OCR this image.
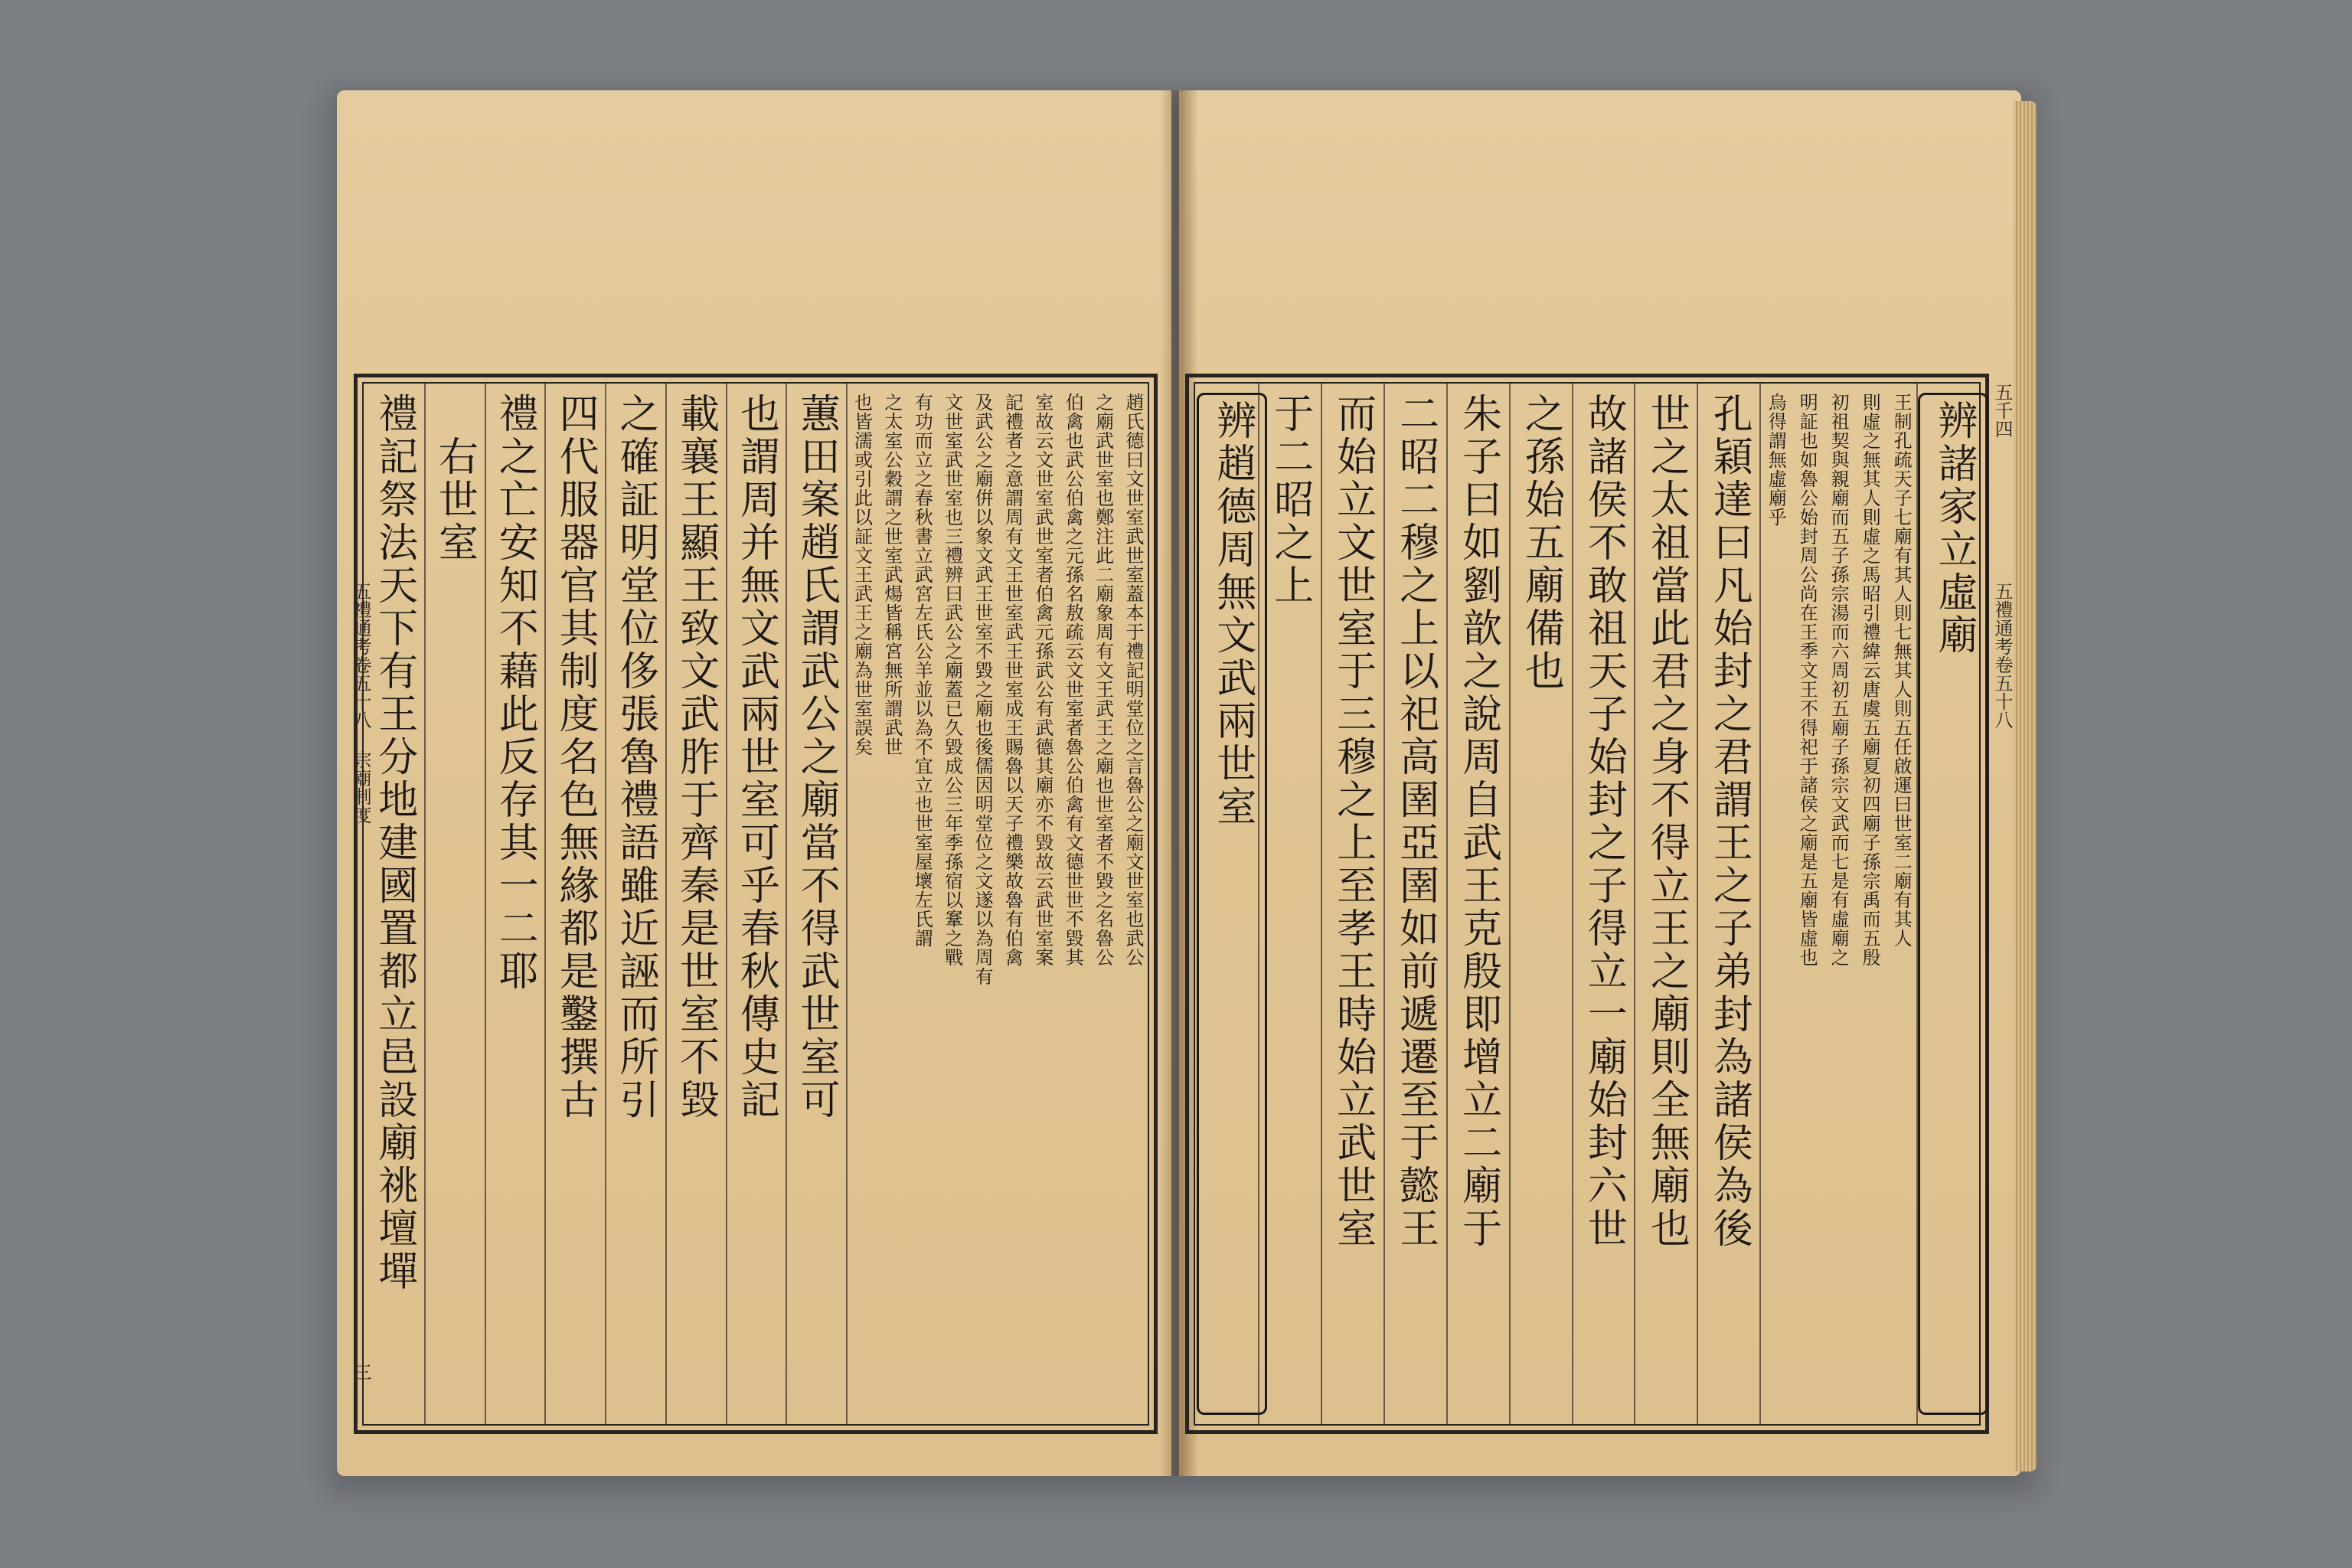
禮記祭法天下有王分地建國置都立邑設廟祧壇墠 　右世室 禮之亡安知不藉此反存其一二耶 四代服器官其制度名色無緣都是鑿撰古 之確証明堂位侈張魯禮語雖近誣而所引 載襄王顯王致文武胙于齊秦是世室不毀 也謂周并無文武兩世室可乎春秋傳史記 蕙田案趙氏謂武公之廟當不得武世室可 也皆濡或引此以証文王武王之廟為世室誤矣 之太室公穀謂之世室武煬皆稱宮無所謂武世 有功而立之春秋書立武宮左氏公羊並以為不宜立也世室屋壞左氏謂 文世室武世室也三禮辨曰武公之廟蓋已久毀成公三年季孫宿以鞌之戰 及武公之廟倂以象文武王世室不毀之廟也後儒因明堂位之文遂以為周有 記禮者之意謂周有文王世室武王世室成王賜魯以天子禮樂故魯有伯禽 室故云文世室武世室者伯禽元孫武公有武德其廟亦不毀故云武世室案 伯禽也武公伯禽之元孫名敖疏云文世室者魯公伯禽有文德世世不毀其 之廟武世室也鄭注此二廟象周有文王武王之廟也世室者不毀之名魯公 趙氏德曰文世室武世室蓋本于禮記明堂位之言魯公之廟文世室也武公	辨趙德周無文武兩世室 于二昭之上 而始立文世室于三穆之上至孝王時始立武世室 二昭二穆之上以祀高圉亞圉如前遞遷至于懿王 朱子曰如劉歆之說周自武王克殷即增立二廟于 之孫始五廟備也 故諸侯不敢祖天子始封之子得立一廟始封六世 世之太祖當此君之身不得立王之廟則全無廟也 孔穎達曰凡始封之君謂王之子弟封為諸侯為後 烏得謂無虛廟乎 明証也如魯公始封周公尚在王季文王不得祀于諸侯之廟是五廟皆虛也 初祖契與親廟而五子孫宗湯而六周初五廟子孫宗文武而七是有虛廟之 則虛之無其人則虛之馬昭引禮緯云唐虞五廟夏初四廟子孫宗禹而五殷 王制孔疏天子七廟有其人則七無其人則五任啟運曰世室二廟有其人 辨諸家立虛廟
五禮通考卷五十八 宗廟制度
三
五千四
五禮通考卷五十八
